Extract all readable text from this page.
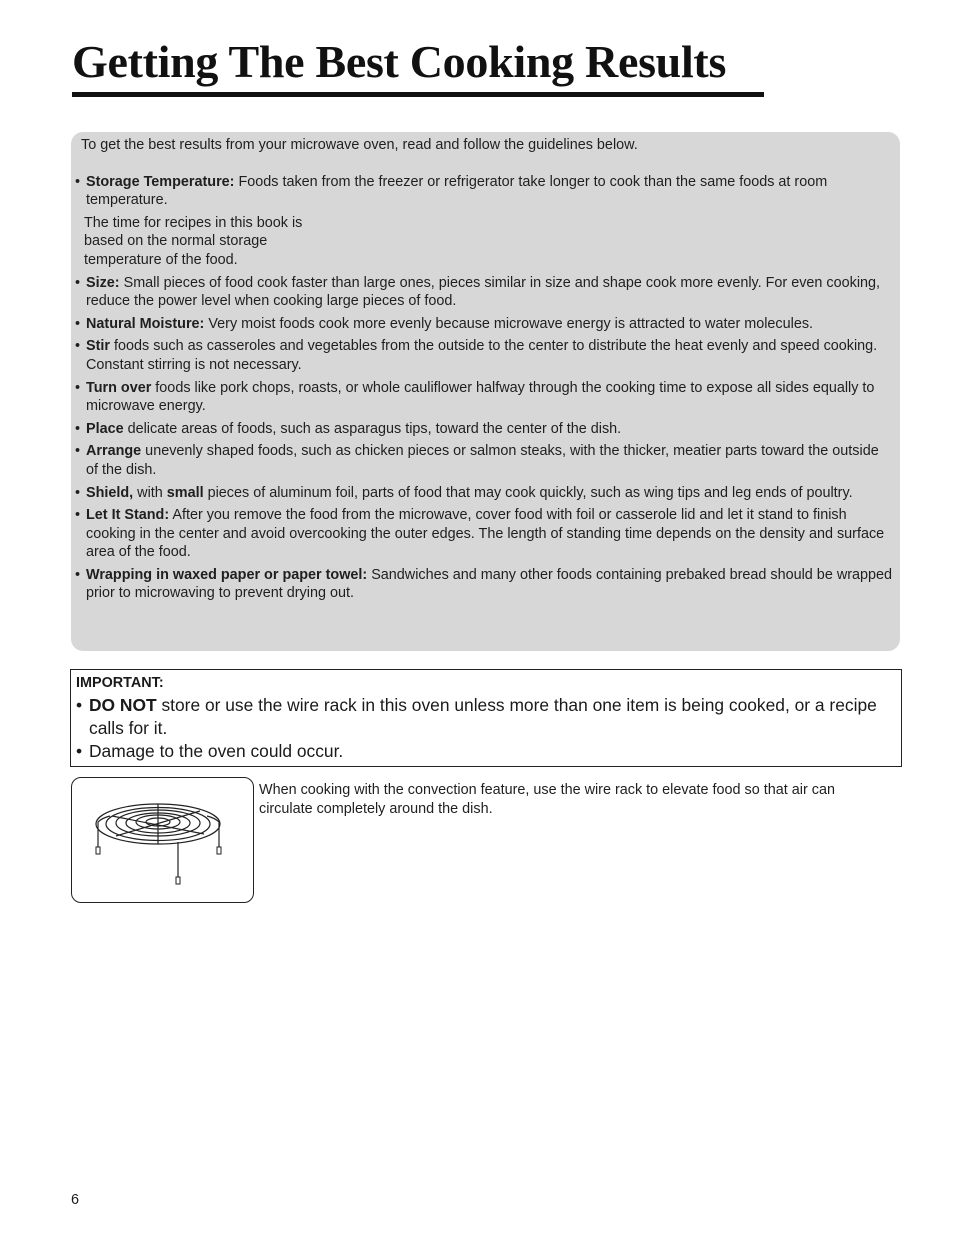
Getting The Best Cooking Results
To get the best results from your microwave oven, read and follow the guidelines below.
• Storage Temperature: Foods taken from the freezer or refrigerator take longer to cook than the same foods at room temperature.
The time for recipes in this book is based on the normal storage temperature of the food.
• Size: Small pieces of food cook faster than large ones, pieces similar in size and shape cook more evenly. For even cooking, reduce the power level when cooking large pieces of food.
• Natural Moisture: Very moist foods cook more evenly because microwave energy is attracted to water molecules.
• Stir foods such as casseroles and vegetables from the outside to the center to distribute the heat evenly and speed cooking. Constant stirring is not necessary.
• Turn over foods like pork chops, roasts, or whole cauliflower halfway through the cooking time to expose all sides equally to microwave energy.
• Place delicate areas of foods, such as asparagus tips, toward the center of the dish.
• Arrange unevenly shaped foods, such as chicken pieces or salmon steaks, with the thicker, meatier parts toward the outside of the dish.
• Shield, with small pieces of aluminum foil, parts of food that may cook quickly, such as wing tips and leg ends of poultry.
• Let It Stand: After you remove the food from the microwave, cover food with foil or casserole lid and let it stand to finish cooking in the center and avoid overcooking the outer edges. The length of standing time depends on the density and surface area of the food.
• Wrapping in waxed paper or paper towel: Sandwiches and many other foods containing prebaked bread should be wrapped prior to microwaving to prevent drying out.
IMPORTANT:
• DO NOT store or use the wire rack in this oven unless more than one item is being cooked, or a recipe calls for it.
• Damage to the oven could occur.
When cooking with the convection feature, use the wire rack to elevate food so that air can circulate completely around the dish.
6
